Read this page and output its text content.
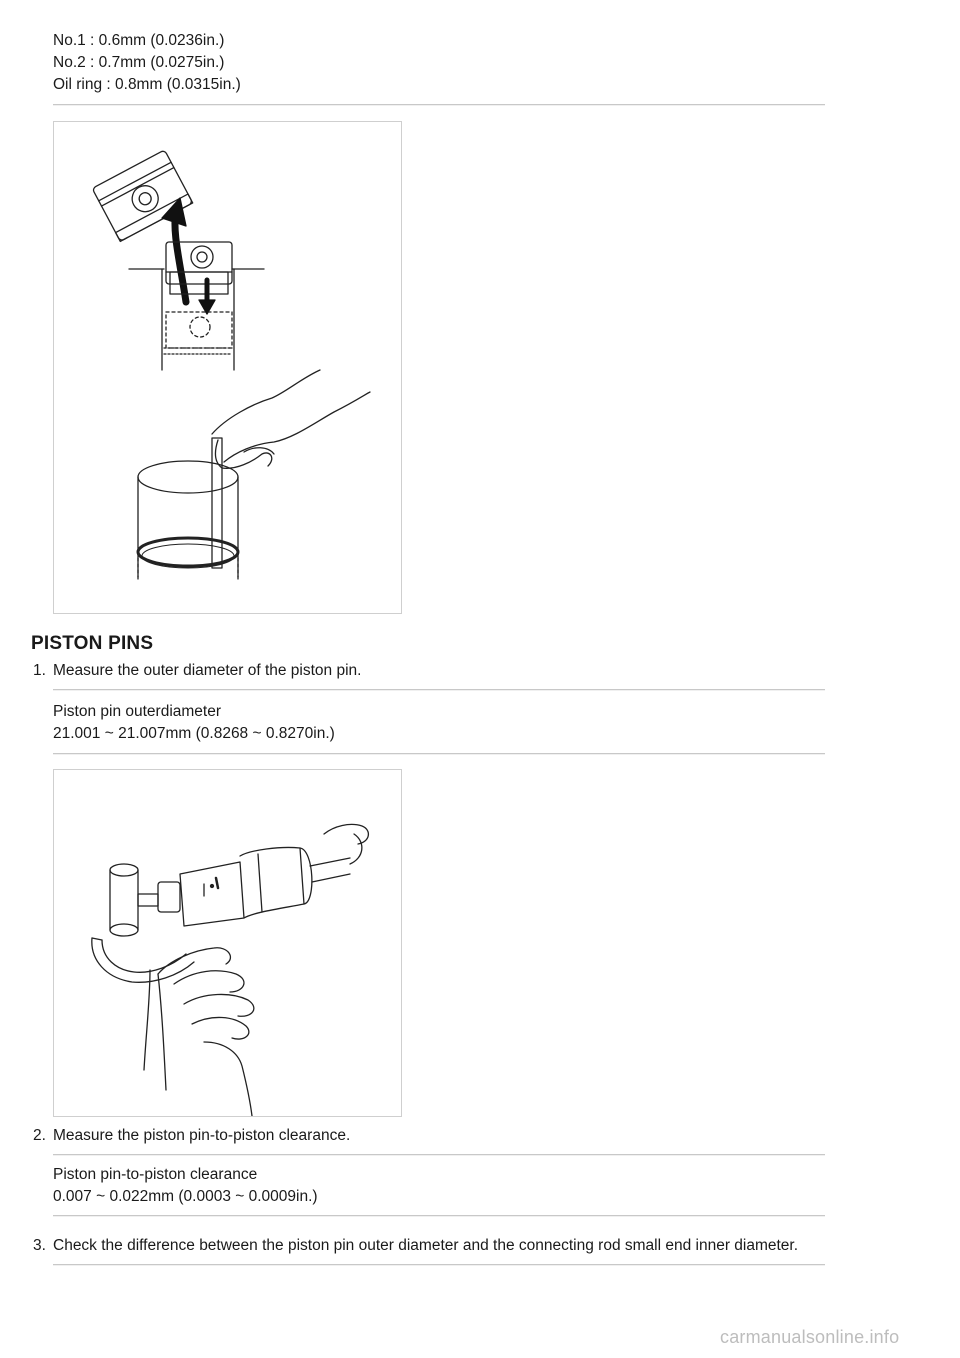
No.1 : 0.6mm (0.0236in.)
No.2 : 0.7mm (0.0275in.)
Oil ring : 0.8mm (0.0315in.)
PISTON PINS
1. Measure the outer diameter of the piston pin.
Piston pin outerdiameter
21.001 ~ 21.007mm (0.8268 ~ 0.8270in.)
2. Measure the piston pin-to-piston clearance.
Piston pin-to-piston clearance
0.007 ~ 0.022mm (0.0003 ~ 0.0009in.)
3. Check the difference between the piston pin outer diameter and the connecting rod small end inner diameter.
carmanualsonline.info
